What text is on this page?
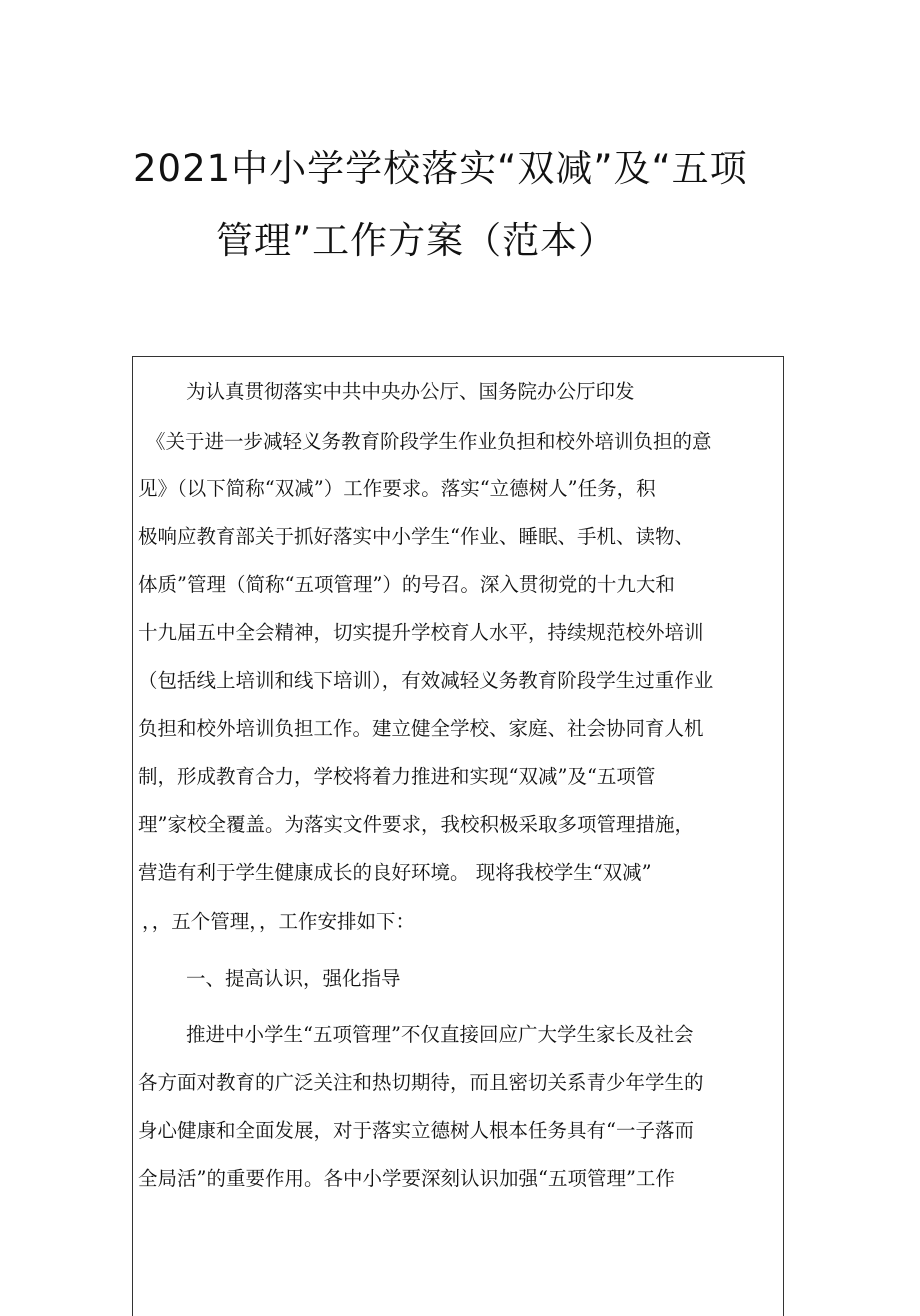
2021中小学学校落实“双减”及“五项
管理”工作方案（范本）
为认真贯彻落实中共中央办公厅、国务院办公厅印发
《关于进一步减轻义务教育阶段学生作业负担和校外培训负担的意
见》（以下简称“双减”）工作要求。落实“立德树人”任务，积
极响应教育部关于抓好落实中小学生“作业、睡眠、手机、读物、
体质”管理（简称“五项管理”）的号召。深入贯彻党的十九大和
十九届五中全会精神，切实提升学校育人水平，持续规范校外培训
（包括线上培训和线下培训），有效减轻义务教育阶段学生过重作业
负担和校外培训负担工作。建立健全学校、家庭、社会协同育人机
制，形成教育合力，学校将着力推进和实现“双减”及“五项管
理”家校全覆盖。为落实文件要求，我校积极采取多项管理措施，
营造有利于学生健康成长的良好环境。 现将我校学生“双减”
，，五个管理，，工作安排如下：
一、提高认识，强化指导
推进中小学生“五项管理”不仅直接回应广大学生家长及社会
各方面对教育的广泛关注和热切期待，而且密切关系青少年学生的
身心健康和全面发展，对于落实立德树人根本任务具有“一子落而
全局活”的重要作用。各中小学要深刻认识加强“五项管理”工作
